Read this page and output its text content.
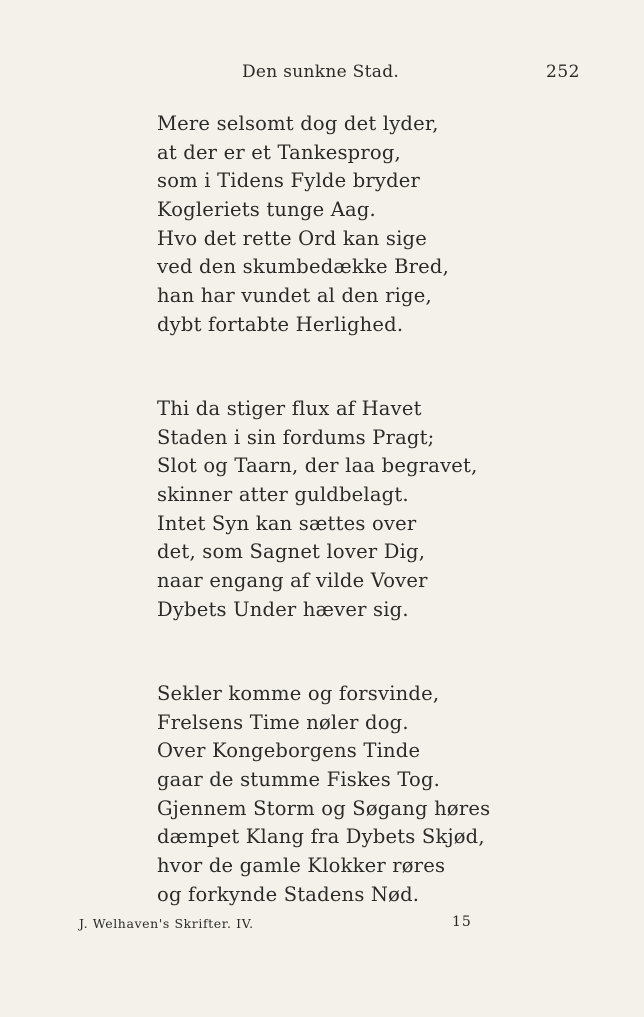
Den sunkne Stad.	252
Mere selsomt dog det lyder,
at der er et Tankesprog,
som i Tidens Fylde bryder
Kogleriets tunge Aag.
Hvo det rette Ord kan sige
ved den skumbedække Bred,
han har vundet al den rige,
dybt fortabte Herlighed.
Thi da stiger flux af Havet
Staden i sin fordums Pragt;
Slot og Taarn, der laa begravet,
skinner atter guldbelagt.
Intet Syn kan sættes over
det, som Sagnet lover Dig,
naar engang af vilde Vover
Dybets Under hæver sig.
Sekler komme og forsvinde,
Frelsens Time nøler dog.
Over Kongeborgens Tinde
gaar de stumme Fiskes Tog.
Gjennem Storm og Søgang høres
dæmpet Klang fra Dybets Skjød,
hvor de gamle Klokker røres
og forkynde Stadens Nød.
J. Welhaven's Skrifter. IV.	15
